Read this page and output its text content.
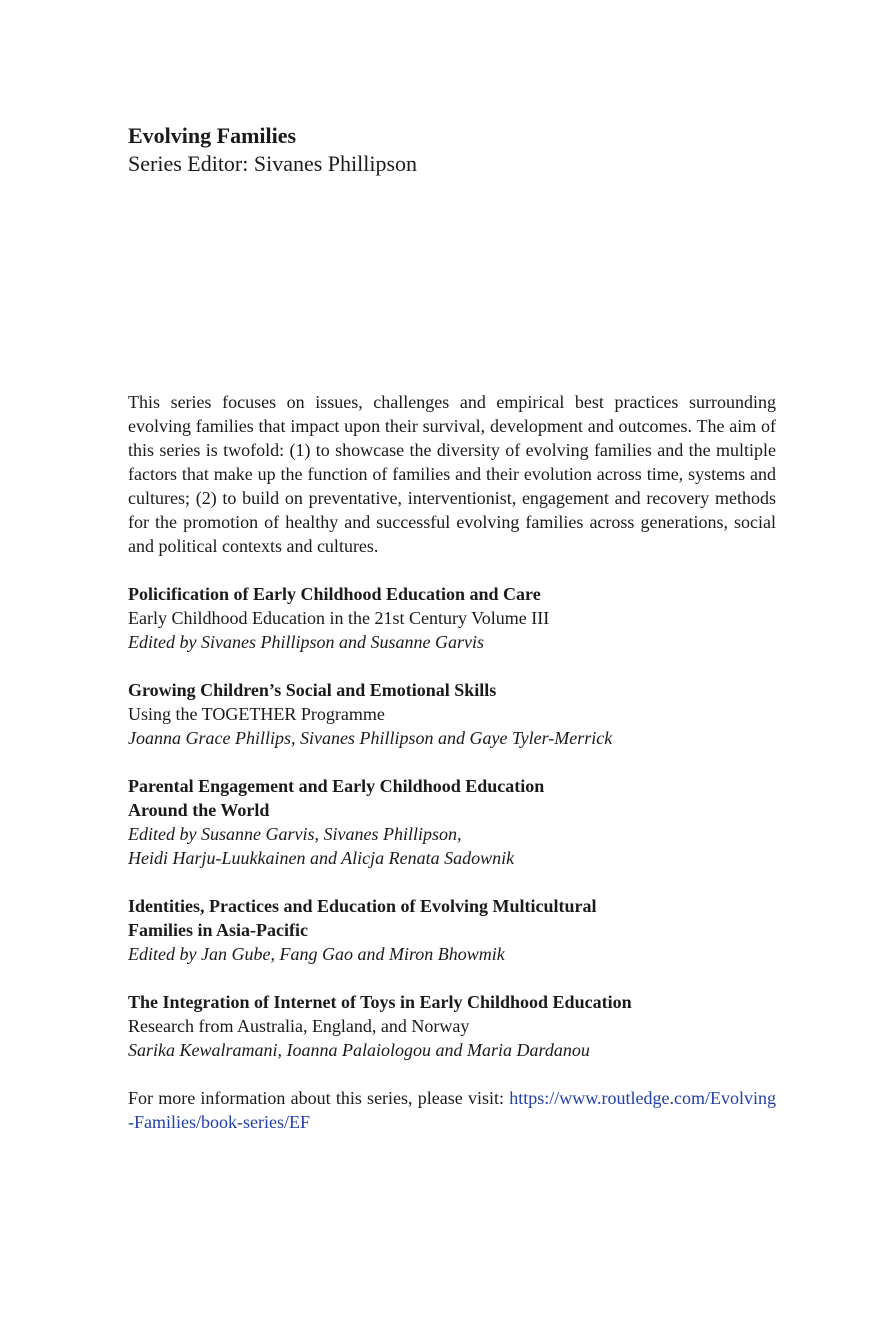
Evolving Families

Series Editor: Sivanes Phillipson

This series focuses on issues, challenges and empirical best practices surrounding evolving families that impact upon their survival, development and outcomes. The aim of this series is twofold: (1) to showcase the diversity of evolving families and the multiple factors that make up the function of families and their evolution across time, systems and cultures; (2) to build on preventative, interventionist, engagement and recovery methods for the promotion of healthy and successful evolving families across generations, social and political contexts and cultures.

Policification of Early Childhood Education and Care
Early Childhood Education in the 21st Century Volume III
Edited by Sivanes Phillipson and Susanne Garvis
Growing Children’s Social and Emotional Skills
Using the TOGETHER Programme
Joanna Grace Phillips, Sivanes Phillipson and Gaye Tyler-Merrick
Parental Engagement and Early Childhood Education
Around the World
Edited by Susanne Garvis, Sivanes Phillipson,
Heidi Harju-Luukkainen and Alicja Renata Sadownik
Identities, Practices and Education of Evolving Multicultural
Families in Asia-Pacific
Edited by Jan Gube, Fang Gao and Miron Bhowmik
The Integration of Internet of Toys in Early Childhood Education
Research from Australia, England, and Norway
Sarika Kewalramani, Ioanna Palaiologou and Maria Dardanou

For more information about this series, please visit: https://www.routledge.com/Evolving-Families/book-series/EF
